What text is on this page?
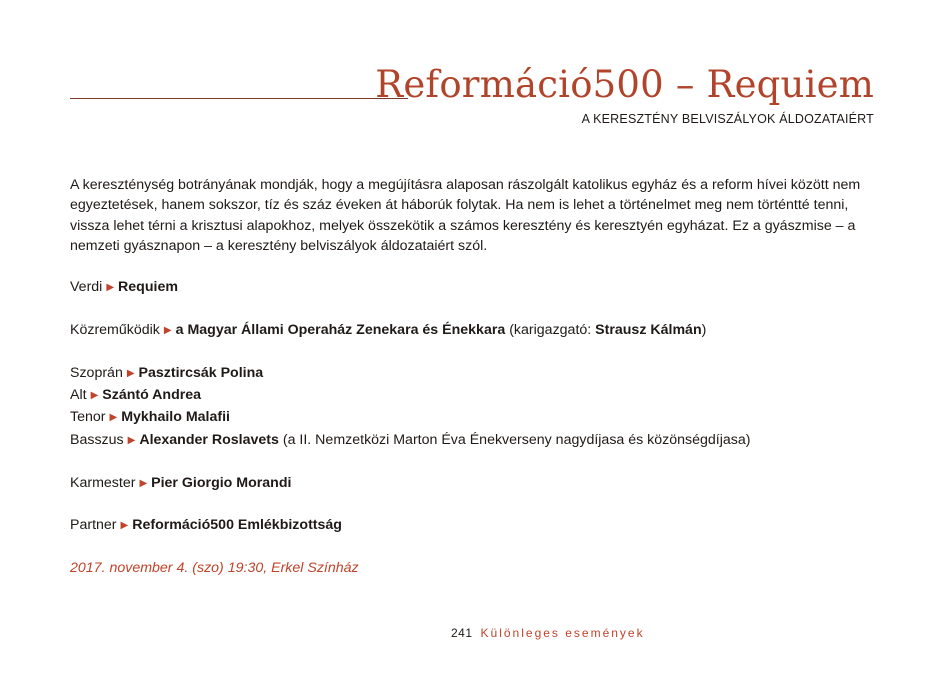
Reformáció500 – Requiem
A KERESZTÉNY BELVISZÁLYOK ÁLDOZATAIÉRT

A kereszténység botrányának mondják, hogy a megújításra alaposan rászolgált katolikus egyház és a reform hívei között nem egyeztetések, hanem sokszor, tíz és száz éveken át háborúk folytak. Ha nem is lehet a történelmet meg nem történtté tenni, vissza lehet térni a krisztusi alapokhoz, melyek összekötik a számos keresztény és keresztyén egyházat. Ez a gyászmise – a nemzeti gyásznapon – a keresztény belviszályok áldozataiért szól.

Verdi ▶ Requiem
Közreműködik ▶ a Magyar Állami Operaház Zenekara és Énekkara (karigazgató: Strausz Kálmán)
Szoprán ▶ Pasztircsák Polina
Alt ▶ Szántó Andrea
Tenor ▶ Mykhailo Malafii
Basszus ▶ Alexander Roslavets (a II. Nemzetközi Marton Éva Énekverseny nagydíjasa és közönségdíjasa)
Karmester ▶ Pier Giorgio Morandi
Partner ▶ Reformáció500 Emlékbizottság
2017. november 4. (szo) 19:30, Erkel Színház
241 Különleges események
